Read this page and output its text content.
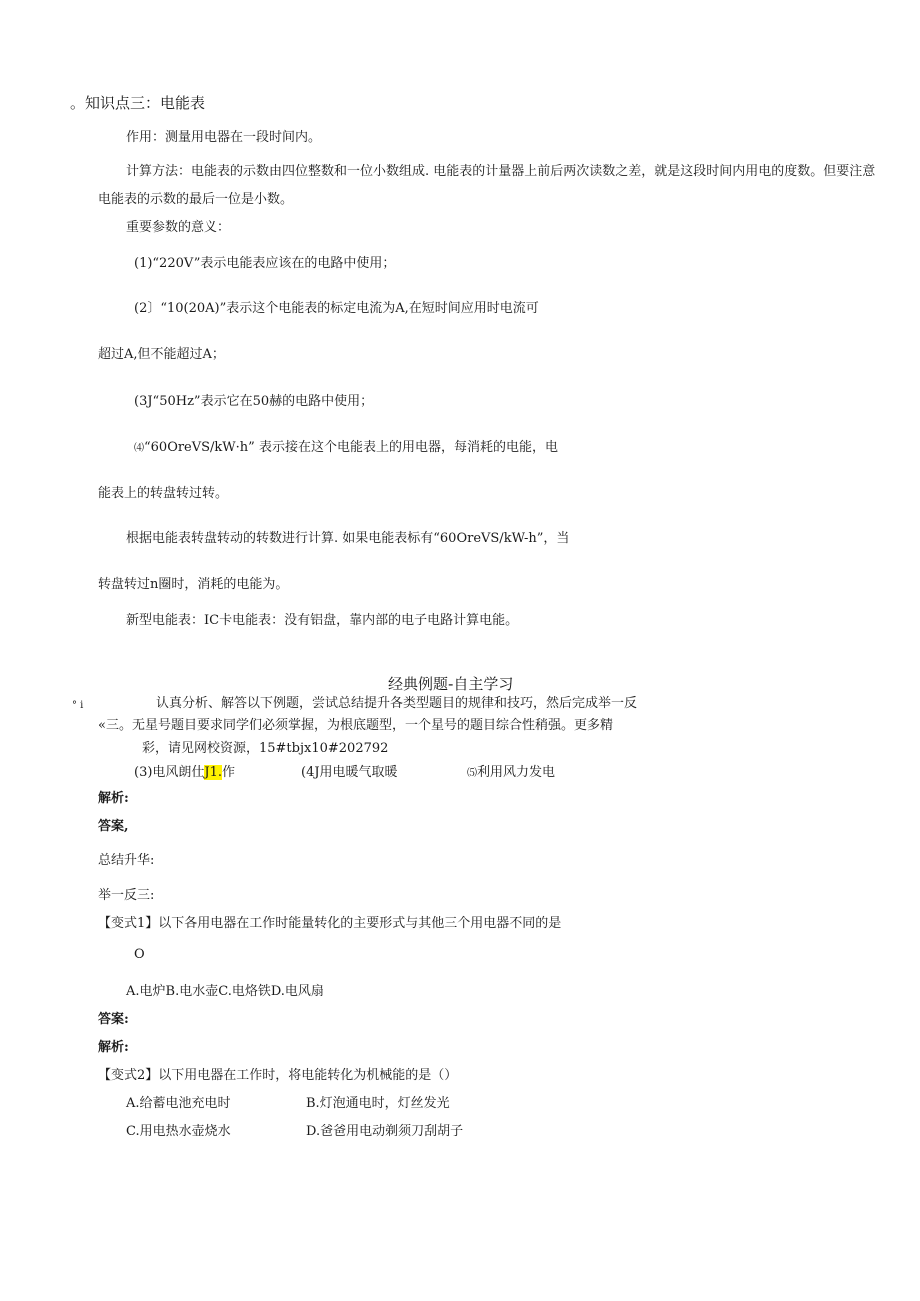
。知识点三：电能表
作用：测量用电器在一段时间内。
计算方法：电能表的示数由四位整数和一位小数组成. 电能表的计量器上前后两次读数之差，就是这段时间内用电的度数。但要注意
电能表的示数的最后一位是小数。
重要参数的意义：
(1)“220V”表示电能表应该在的电路中使用；
(2〕“10(20A)”表示这个电能表的标定电流为A,在短时间应用时电流可
超过A,但不能超过A；
(3J“50Hz”表示它在50赫的电路中使用；
⑷“60OreVS/kW·h” 表示接在这个电能表上的用电器，每消耗的电能，电
能表上的转盘转过转。
根据电能表转盘转动的转数进行计算. 如果电能表标有“60OreVS/kW-h”，当
转盘转过n圈时，消耗的电能为。
新型电能表：IC卡电能表：没有铝盘，靠内部的电子电路计算电能。
经典例题-自主学习
° i	认真分析、解答以下例题，尝试总结提升各类型题目的规律和技巧，然后完成举一反
«三。无星号题目要求同学们必须掌握，为根底题型，一个星号的题目综合性稍强。更多精
彩，请见网校资源，15#tbjx10#202792
(3)电风朗仕J1.作	(4J用电暖气取暖	⑸利用风力发电
解析:
答案,
总结升华:
举一反三:
【变式1】以下各用电器在工作时能量转化的主要形式与其他三个用电器不同的是
O
A.电炉B.电水壶C.电烙铁D.电风扇
答案:
解析:
【变式2】以下用电器在工作时，将电能转化为机械能的是（）
A.给蓄电池充电时	B.灯泡通电时，灯丝发光
C.用电热水壶烧水	D.爸爸用电动剃须刀刮胡子
